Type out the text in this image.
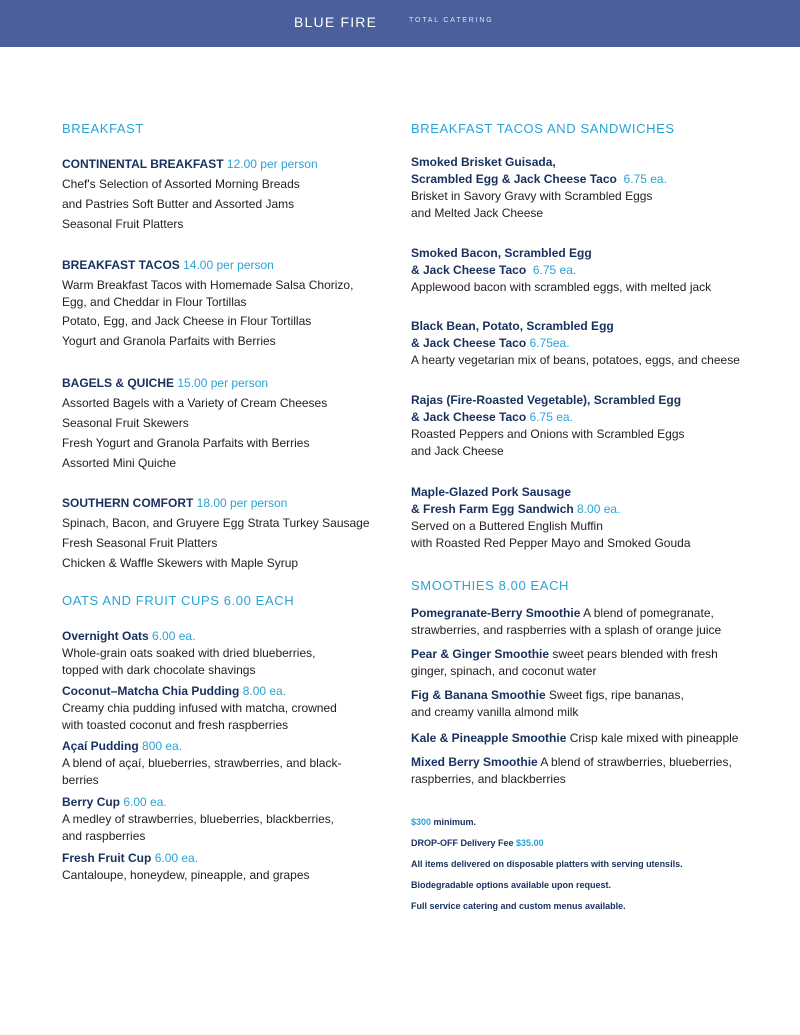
BLUE FIRE	TOTAL CATERING
BREAKFAST
CONTINENTAL BREAKFAST 12.00 per person
Chef's Selection of Assorted Morning Breads
and Pastries Soft Butter and Assorted Jams
Seasonal Fruit Platters
BREAKFAST TACOS 14.00 per person
Warm Breakfast Tacos with Homemade Salsa Chorizo,
Egg, and Cheddar in Flour Tortillas
Potato, Egg, and Jack Cheese in Flour Tortillas
Yogurt and Granola Parfaits with Berries
BAGELS & QUICHE 15.00 per person
Assorted Bagels with a Variety of Cream Cheeses
Seasonal Fruit Skewers
Fresh Yogurt and Granola Parfaits with Berries
Assorted Mini Quiche
SOUTHERN COMFORT 18.00 per person
Spinach, Bacon, and Gruyere Egg Strata Turkey Sausage
Fresh Seasonal Fruit Platters
Chicken & Waffle Skewers with Maple Syrup
OATS AND FRUIT CUPS 6.00 EACH
Overnight Oats 6.00 ea.
Whole-grain oats soaked with dried blueberries,
topped with dark chocolate shavings
Coconut–Matcha Chia Pudding 8.00 ea.
Creamy chia pudding infused with matcha, crowned
with toasted coconut and fresh raspberries
Açaí Pudding 800 ea.
A blend of açaí, blueberries, strawberries, and black-
berries
Berry Cup 6.00 ea.
A medley of strawberries, blueberries, blackberries,
and raspberries
Fresh Fruit Cup 6.00 ea.
Cantaloupe, honeydew, pineapple, and grapes
BREAKFAST TACOS AND SANDWICHES
Smoked Brisket Guisada,
Scrambled Egg & Jack Cheese Taco 6.75 ea.
Brisket in Savory Gravy with Scrambled Eggs
and Melted Jack Cheese
Smoked Bacon, Scrambled Egg
& Jack Cheese Taco 6.75 ea.
Applewood bacon with scrambled eggs, with melted jack
Black Bean, Potato, Scrambled Egg
& Jack Cheese Taco 6.75ea.
A hearty vegetarian mix of beans, potatoes, eggs, and cheese
Rajas (Fire-Roasted Vegetable), Scrambled Egg
& Jack Cheese Taco 6.75 ea.
Roasted Peppers and Onions with Scrambled Eggs
and Jack Cheese
Maple-Glazed Pork Sausage
& Fresh Farm Egg Sandwich 8.00 ea.
Served on a Buttered English Muffin
with Roasted Red Pepper Mayo and Smoked Gouda
SMOOTHIES 8.00 EACH
Pomegranate-Berry Smoothie A blend of pomegranate,
strawberries, and raspberries with a splash of orange juice
Pear & Ginger Smoothie sweet pears blended with fresh
ginger, spinach, and coconut water
Fig & Banana Smoothie Sweet figs, ripe bananas,
and creamy vanilla almond milk
Kale & Pineapple Smoothie Crisp kale mixed with pineapple
Mixed Berry Smoothie A blend of strawberries, blueberries,
raspberries, and blackberries
$300 minimum.
DROP-OFF Delivery Fee $35.00
All items delivered on disposable platters with serving utensils.
Biodegradable options available upon request.
Full service catering and custom menus available.
